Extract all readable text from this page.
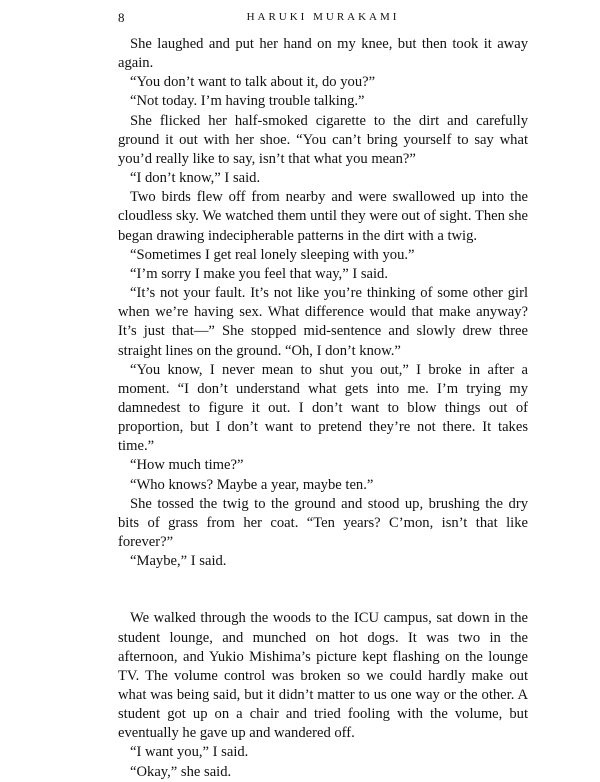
8	HARUKI MURAKAMI

She laughed and put her hand on my knee, but then took it away again.

“You don’t want to talk about it, do you?”

“Not today. I’m having trouble talking.”

She flicked her half-smoked cigarette to the dirt and carefully ground it out with her shoe. “You can’t bring yourself to say what you’d really like to say, isn’t that what you mean?”

“I don’t know,” I said.

Two birds flew off from nearby and were swallowed up into the cloudless sky. We watched them until they were out of sight. Then she began drawing indecipherable patterns in the dirt with a twig.

“Sometimes I get real lonely sleeping with you.”

“I’m sorry I make you feel that way,” I said.

“It’s not your fault. It’s not like you’re thinking of some other girl when we’re having sex. What difference would that make anyway? It’s just that—” She stopped mid-sentence and slowly drew three straight lines on the ground. “Oh, I don’t know.”

“You know, I never mean to shut you out,” I broke in after a moment. “I don’t understand what gets into me. I’m trying my damnedest to figure it out. I don’t want to blow things out of proportion, but I don’t want to pretend they’re not there. It takes time.”

“How much time?”

“Who knows? Maybe a year, maybe ten.”

She tossed the twig to the ground and stood up, brushing the dry bits of grass from her coat. “Ten years? C’mon, isn’t that like forever?”

“Maybe,” I said.

We walked through the woods to the ICU campus, sat down in the student lounge, and munched on hot dogs. It was two in the afternoon, and Yukio Mishima’s picture kept flashing on the lounge TV. The volume control was broken so we could hardly make out what was being said, but it didn’t matter to us one way or the other. A student got up on a chair and tried fooling with the volume, but eventually he gave up and wandered off.

“I want you,” I said.

“Okay,” she said.
